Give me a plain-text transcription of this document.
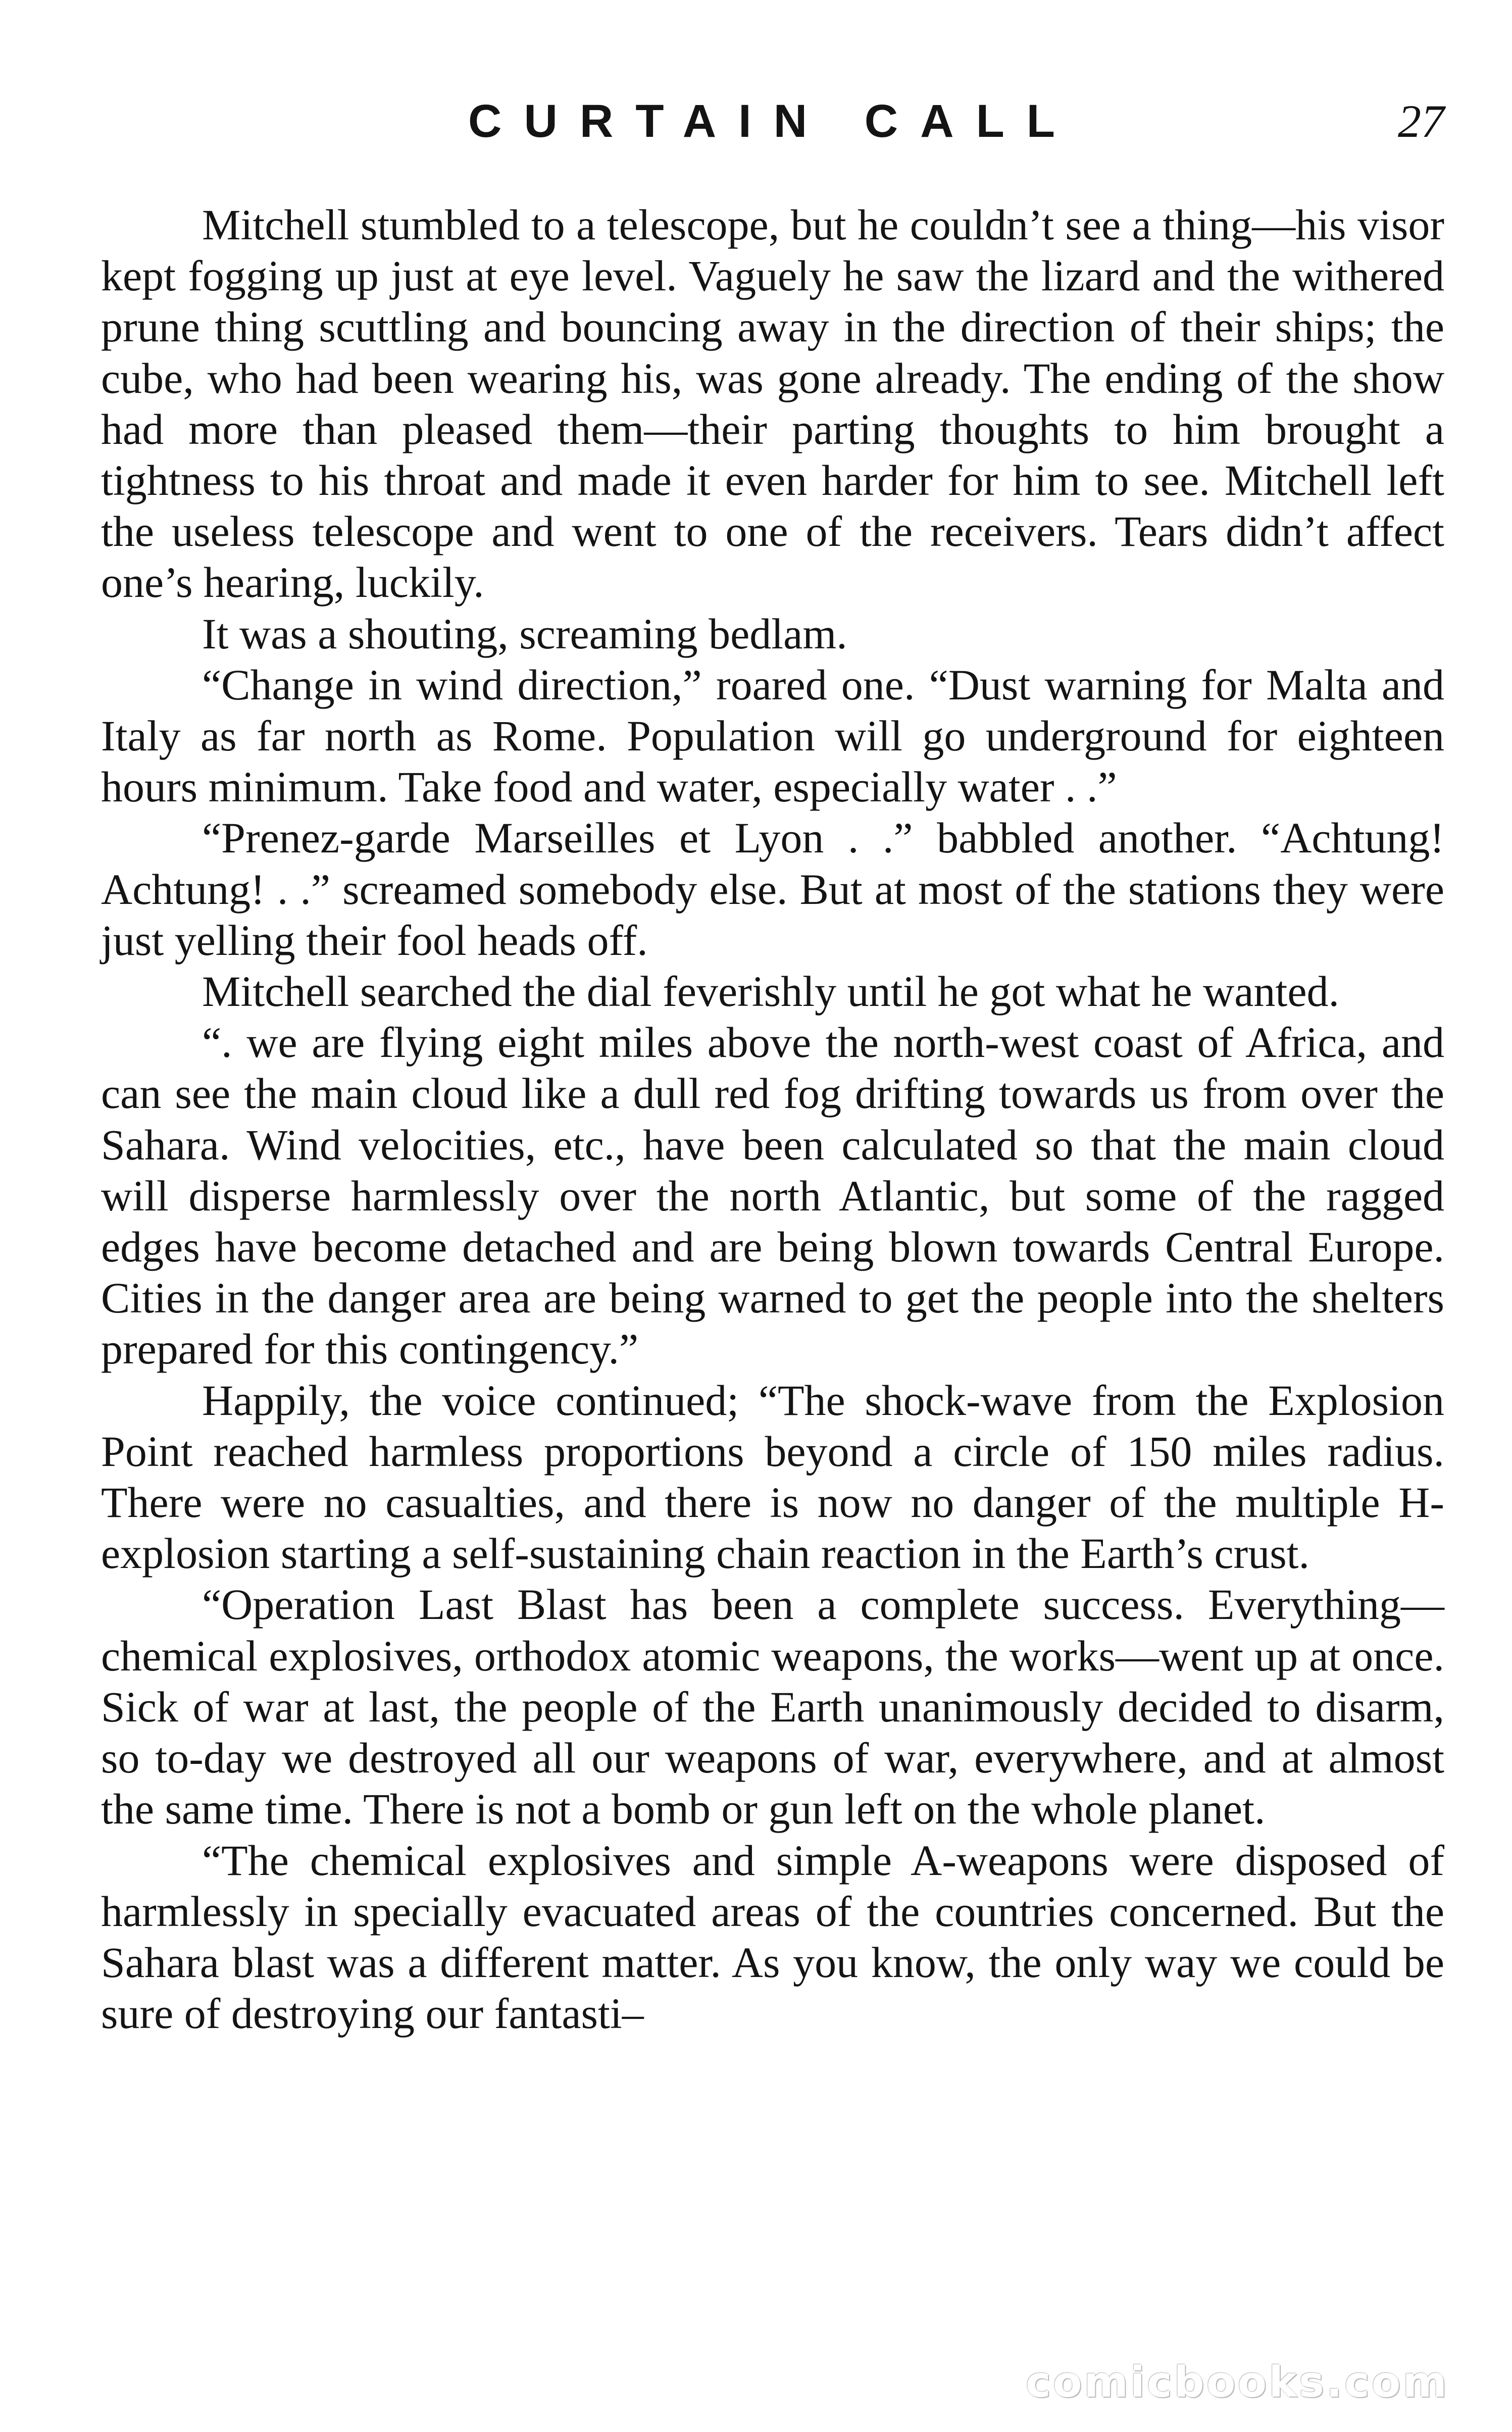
CURTAIN CALL	27

Mitchell stumbled to a telescope, but he couldn’t see a thing—his visor kept fogging up just at eye level. Vaguely he saw the lizard and the withered prune thing scuttling and bouncing away in the direction of their ships; the cube, who had been wearing his, was gone already. The ending of the show had more than pleased them—their parting thoughts to him brought a tightness to his throat and made it even harder for him to see. Mitchell left the useless telescope and went to one of the receivers. Tears didn’t affect one’s hearing, luckily.

It was a shouting, screaming bedlam.

“Change in wind direction,” roared one. “Dust warning for Malta and Italy as far north as Rome. Population will go underground for eighteen hours minimum. Take food and water, especially water . .”

“Prenez-garde Marseilles et Lyon . .” babbled another. “Achtung! Achtung! . .” screamed somebody else. But at most of the stations they were just yelling their fool heads off.

Mitchell searched the dial feverishly until he got what he wanted.

“. we are flying eight miles above the north-west coast of Africa, and can see the main cloud like a dull red fog drifting towards us from over the Sahara. Wind velocities, etc., have been calculated so that the main cloud will disperse harmlessly over the north Atlantic, but some of the ragged edges have become detached and are being blown towards Central Europe. Cities in the danger area are being warned to get the people into the shelters prepared for this contingency.”

Happily, the voice continued; “The shock-wave from the Explosion Point reached harmless proportions beyond a circle of 150 miles radius. There were no casualties, and there is now no danger of the multiple H-explosion starting a self-sustaining chain reaction in the Earth’s crust.

“Operation Last Blast has been a complete success. Everything—chemical explosives, orthodox atomic weapons, the works—went up at once. Sick of war at last, the people of the Earth unanimously decided to disarm, so to-day we destroyed all our weapons of war, everywhere, and at almost the same time. There is not a bomb or gun left on the whole planet.

“The chemical explosives and simple A-weapons were disposed of harmlessly in specially evacuated areas of the countries concerned. But the Sahara blast was a different matter. As you know, the only way we could be sure of destroying our fantasti–

comicbooks.com
